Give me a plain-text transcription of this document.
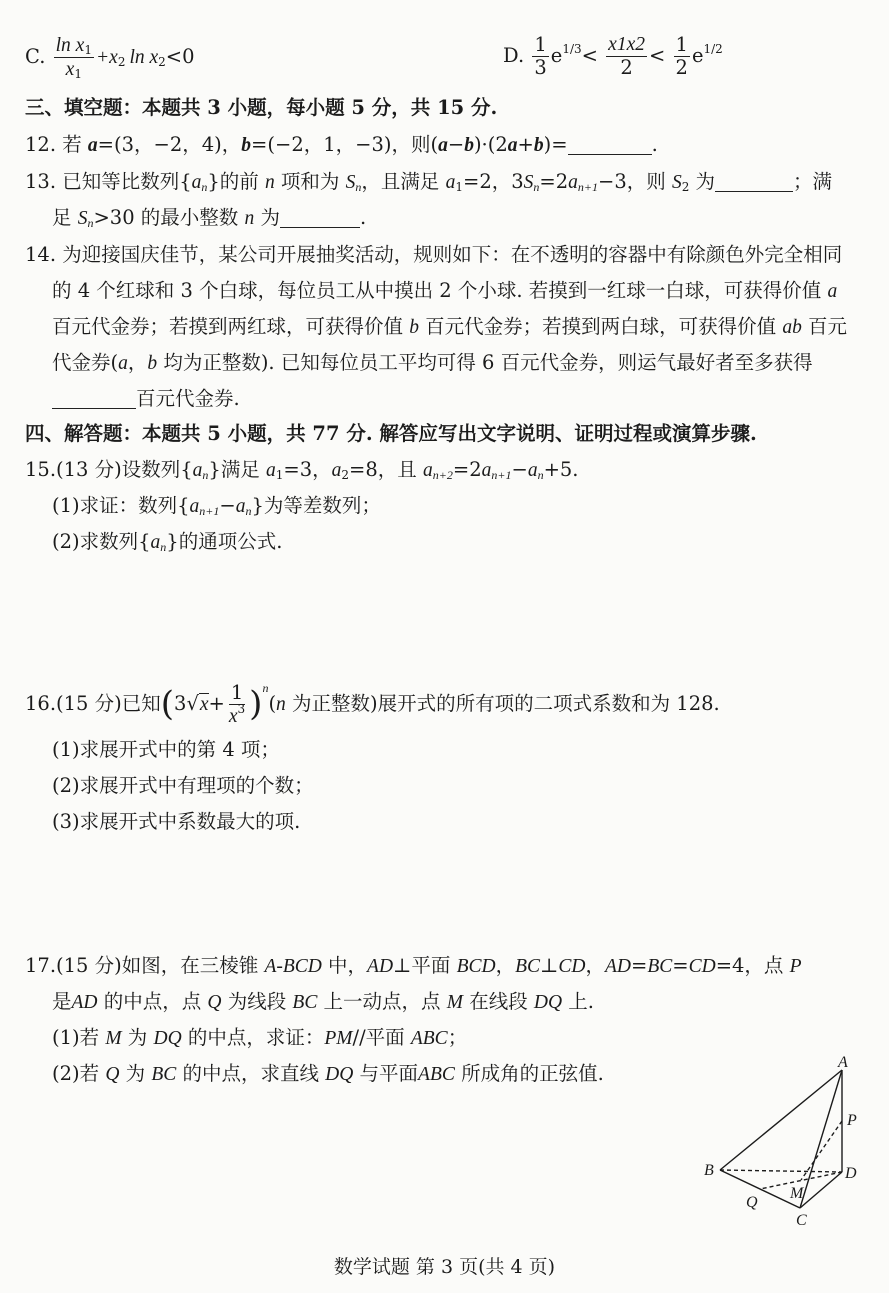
C. $\frac{\ln x_1}{x_1} +x_2$ $\ln x_2<0$	D. $\frac{1}{3} e^{1/3}< \frac{x1x2}{2} < \frac{1}{2} e^{1/2}$
三、填空题：本题共 3 小题，每小题 5 分，共 15 分.
12. 若 a=(3，−2，4)，b=(−2，1，−3)，则(a−b)·(2a+b)=	.
13. 已知等比数列$\{a_n\}$的前 n 项和为 $S_n$，且满足 $a_1=2$，$3S_n=2a_{n+1}-3$，则 $S_2$ 为	；满
足 $S_n>30$ 的最小整数 n 为	.
14. 为迎接国庆佳节，某公司开展抽奖活动，规则如下：在不透明的容器中有除颜色外完全相同
的 4 个红球和 3 个白球，每位员工从中摸出 2 个小球. 若摸到一红球一白球，可获得价值 a
百元代金券；若摸到两红球，可获得价值 b 百元代金券；若摸到两白球，可获得价值 ab 百元
代金券(a，b 均为正整数). 已知每位员工平均可得 6 百元代金券，则运气最好者至多获得
百元代金券.
四、解答题：本题共 5 小题，共 77 分. 解答应写出文字说明、证明过程或演算步骤.
15.(13 分)设数列$\{a_n\}$满足 $a_1=3$，$a_2=8$，且 $a_{n+2}=2a_{n+1}-a_n+5$.
(1)求证：数列$\{a_{n+1}-a_n\}$为等差数列；
(2)求数列$\{a_n\}$的通项公式.
16.(15 分)已知$(3√x+ \frac{1}{x^3} )^n(n$ 为正整数)展开式的所有项的二项式系数和为 128.
(1)求展开式中的第 4 项；
(2)求展开式中有理项的个数；
(3)求展开式中系数最大的项.
17.(15 分)如图，在三棱锥 A-BCD 中，AD⊥平面 BCD，BC⊥CD，AD=BC=CD=4，点 P
是AD 的中点，点 Q 为线段 BC 上一动点，点 M 在线段 DQ 上.
(1)若 M 为 DQ 的中点，求证：PM//平面 ABC；
(2)若 Q 为 BC 的中点，求直线 DQ 与平面ABC 所成角的正弦值.	A
P
B	D
Q
M
C
数学试题 第 3 页(共 4 页)
